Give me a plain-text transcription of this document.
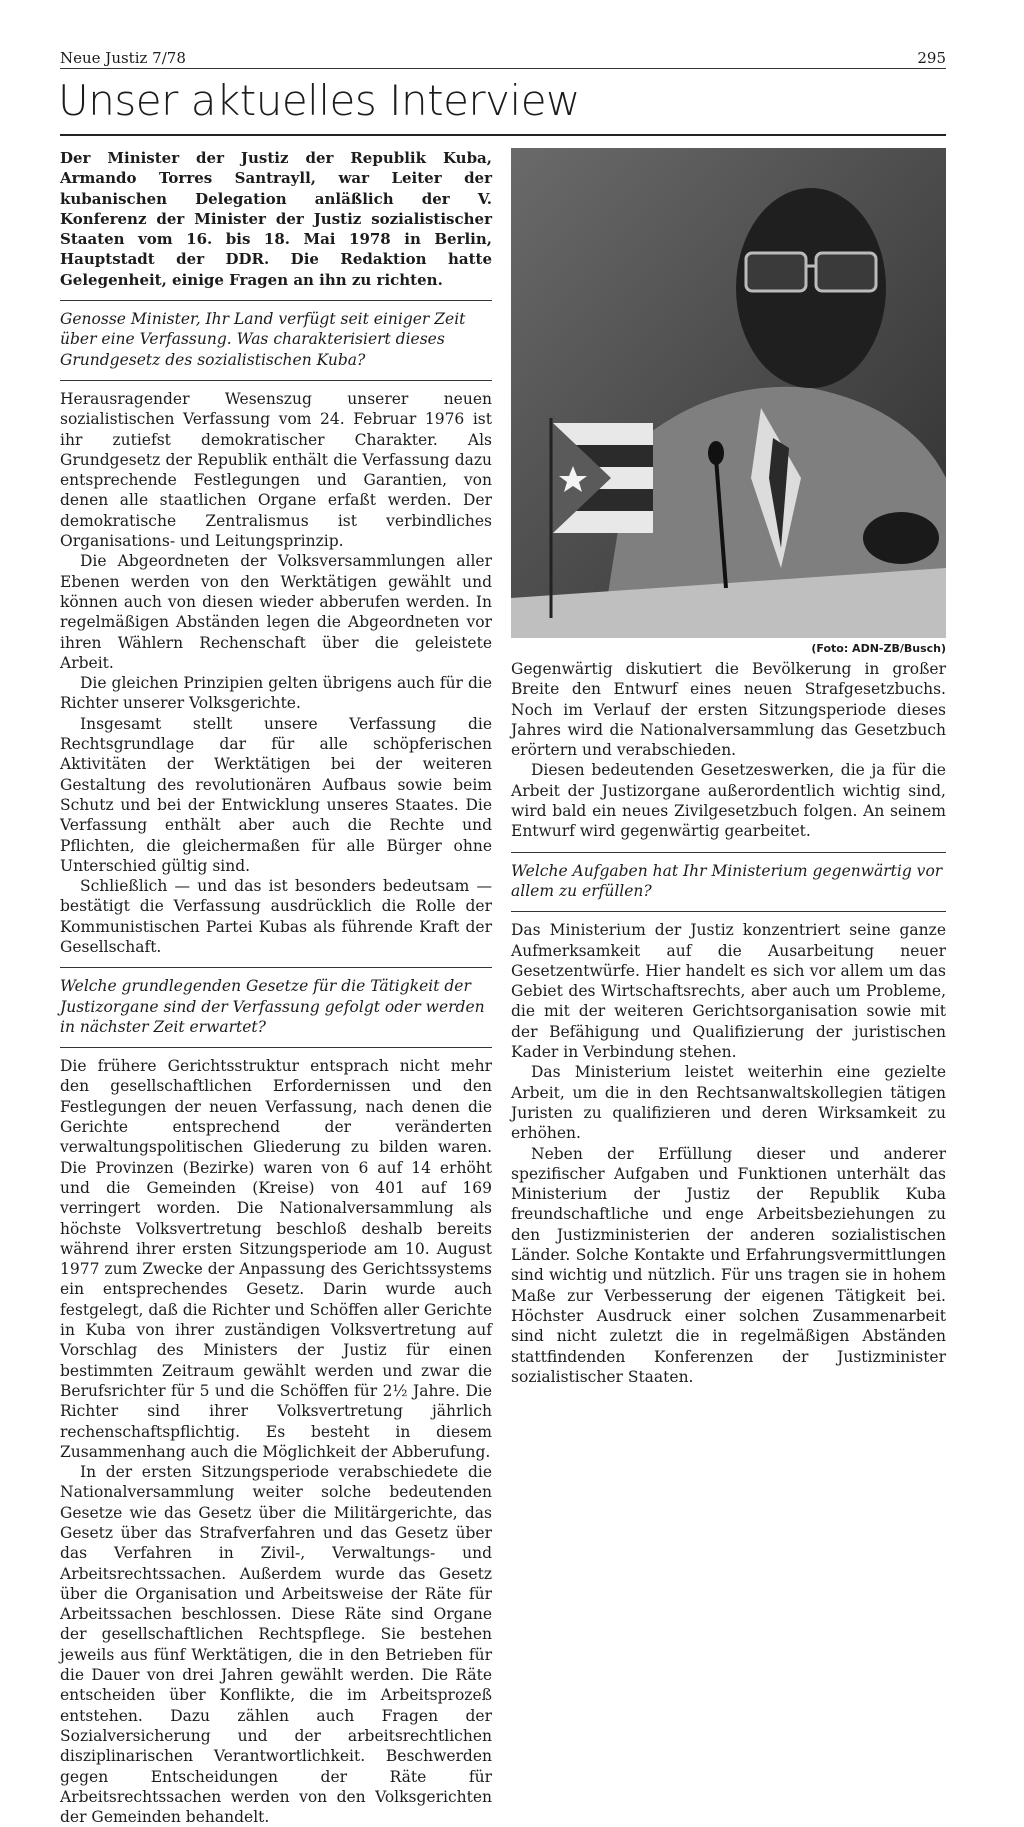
Neue Justiz 7/78	295
Unser aktuelles Interview

Der Minister der Justiz der Republik Kuba, Armando Torres Santrayll, war Leiter der kubanischen Delegation anläßlich der V. Konferenz der Minister der Justiz sozialistischer Staaten vom 16. bis 18. Mai 1978 in Berlin, Hauptstadt der DDR. Die Redaktion hatte Gelegenheit, einige Fragen an ihn zu richten.

Genosse Minister, Ihr Land verfügt seit einiger Zeit über eine Verfassung. Was charakterisiert dieses Grundgesetz des sozialistischen Kuba?

Herausragender Wesenszug unserer neuen sozialistischen Verfassung vom 24. Februar 1976 ist ihr zutiefst demokratischer Charakter. Als Grundgesetz der Republik enthält die Verfassung dazu entsprechende Festlegungen und Garantien, von denen alle staatlichen Organe erfaßt werden. Der demokratische Zentralismus ist verbindliches Organisations- und Leitungsprinzip.

Die Abgeordneten der Volksversammlungen aller Ebenen werden von den Werktätigen gewählt und können auch von diesen wieder abberufen werden. In regelmäßigen Abständen legen die Abgeordneten vor ihren Wählern Rechenschaft über die geleistete Arbeit.

Die gleichen Prinzipien gelten übrigens auch für die Richter unserer Volksgerichte.

Insgesamt stellt unsere Verfassung die Rechtsgrundlage dar für alle schöpferischen Aktivitäten der Werktätigen bei der weiteren Gestaltung des revolutionären Aufbaus sowie beim Schutz und bei der Entwicklung unseres Staates. Die Verfassung enthält aber auch die Rechte und Pflichten, die gleichermaßen für alle Bürger ohne Unterschied gültig sind.

Schließlich — und das ist besonders bedeutsam — bestätigt die Verfassung ausdrücklich die Rolle der Kommunistischen Partei Kubas als führende Kraft der Gesellschaft.

Welche grundlegenden Gesetze für die Tätigkeit der Justizorgane sind der Verfassung gefolgt oder werden in nächster Zeit erwartet?

Die frühere Gerichtsstruktur entsprach nicht mehr den gesellschaftlichen Erfordernissen und den Festlegungen der neuen Verfassung, nach denen die Gerichte entsprechend der veränderten verwaltungspolitischen Gliederung zu bilden waren. Die Provinzen (Bezirke) waren von 6 auf 14 erhöht und die Gemeinden (Kreise) von 401 auf 169 verringert worden. Die Nationalversammlung als höchste Volksvertretung beschloß deshalb bereits während ihrer ersten Sitzungsperiode am 10. August 1977 zum Zwecke der Anpassung des Gerichtssystems ein entsprechendes Gesetz. Darin wurde auch festgelegt, daß die Richter und Schöffen aller Gerichte in Kuba von ihrer zuständigen Volksvertretung auf Vorschlag des Ministers der Justiz für einen bestimmten Zeitraum gewählt werden und zwar die Berufsrichter für 5 und die Schöffen für 2½ Jahre. Die Richter sind ihrer Volksvertretung jährlich rechenschaftspflichtig. Es besteht in diesem Zusammenhang auch die Möglichkeit der Abberufung.

In der ersten Sitzungsperiode verabschiedete die Nationalversammlung weiter solche bedeutenden Gesetze wie das Gesetz über die Militärgerichte, das Gesetz über das Strafverfahren und das Gesetz über das Verfahren in Zivil-, Verwaltungs- und Arbeitsrechtssachen. Außerdem wurde das Gesetz über die Organisation und Arbeitsweise der Räte für Arbeitssachen beschlossen. Diese Räte sind Organe der gesellschaftlichen Rechtspflege. Sie bestehen jeweils aus fünf Werktätigen, die in den Betrieben für die Dauer von drei Jahren gewählt werden. Die Räte entscheiden über Konflikte, die im Arbeitsprozeß entstehen. Dazu zählen auch Fragen der Sozialversicherung und der arbeitsrechtlichen disziplinarischen Verantwortlichkeit. Beschwerden gegen Entscheidungen der Räte für Arbeitsrechtssachen werden von den Volksgerichten der Gemeinden behandelt.

(Foto: ADN-ZB/Busch)

Gegenwärtig diskutiert die Bevölkerung in großer Breite den Entwurf eines neuen Strafgesetzbuchs. Noch im Verlauf der ersten Sitzungsperiode dieses Jahres wird die Nationalversammlung das Gesetzbuch erörtern und verabschieden.

Diesen bedeutenden Gesetzeswerken, die ja für die Arbeit der Justizorgane außerordentlich wichtig sind, wird bald ein neues Zivilgesetzbuch folgen. An seinem Entwurf wird gegenwärtig gearbeitet.

Welche Aufgaben hat Ihr Ministerium gegenwärtig vor allem zu erfüllen?

Das Ministerium der Justiz konzentriert seine ganze Aufmerksamkeit auf die Ausarbeitung neuer Gesetzentwürfe. Hier handelt es sich vor allem um das Gebiet des Wirtschaftsrechts, aber auch um Probleme, die mit der weiteren Gerichtsorganisation sowie mit der Befähigung und Qualifizierung der juristischen Kader in Verbindung stehen.

Das Ministerium leistet weiterhin eine gezielte Arbeit, um die in den Rechtsanwaltskollegien tätigen Juristen zu qualifizieren und deren Wirksamkeit zu erhöhen.

Neben der Erfüllung dieser und anderer spezifischer Aufgaben und Funktionen unterhält das Ministerium der Justiz der Republik Kuba freundschaftliche und enge Arbeitsbeziehungen zu den Justizministerien der anderen sozialistischen Länder. Solche Kontakte und Erfahrungsvermittlungen sind wichtig und nützlich. Für uns tragen sie in hohem Maße zur Verbesserung der eigenen Tätigkeit bei. Höchster Ausdruck einer solchen Zusammenarbeit sind nicht zuletzt die in regelmäßigen Abständen stattfindenden Konferenzen der Justizminister sozialistischer Staaten.
